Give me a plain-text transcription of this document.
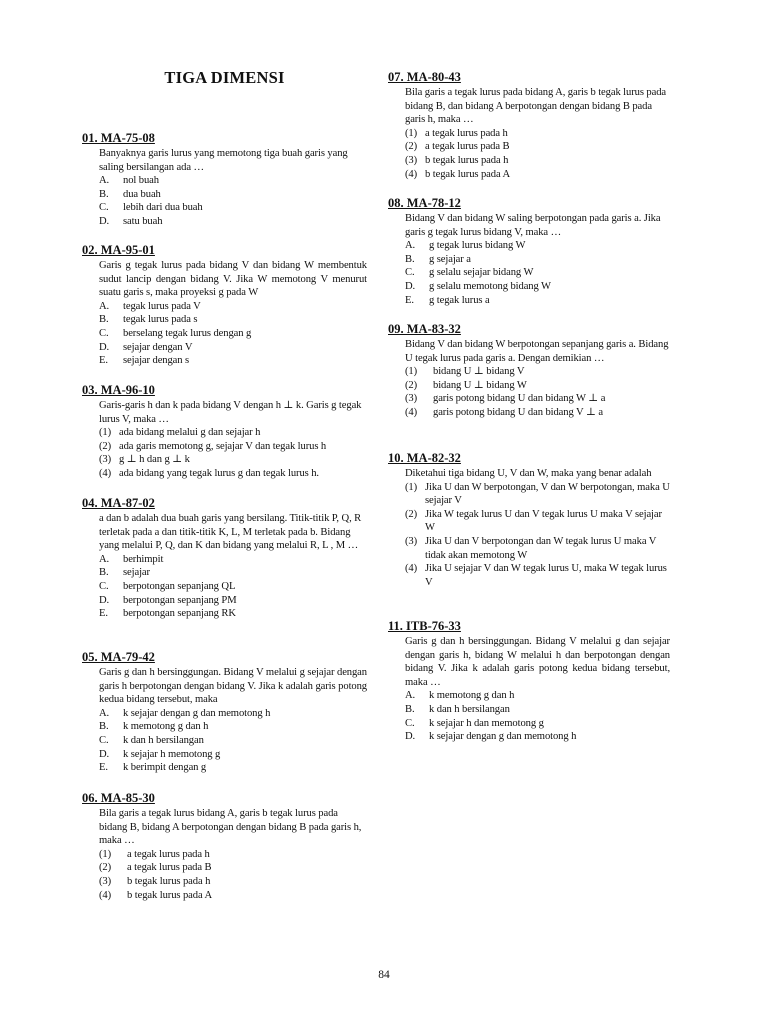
TIGA DIMENSI
01. MA-75-08
Banyaknya garis lurus yang memotong tiga buah garis yang saling bersilangan ada …
A.	nol buah
B.	dua buah
C.	lebih dari dua buah
D.	satu buah
02. MA-95-01
Garis g tegak lurus pada bidang V dan bidang W membentuk sudut lancip dengan bidang V. Jika W memotong V menurut suatu garis s, maka proyeksi g pada W
A.	tegak lurus pada V
B.	tegak lurus pada s
C.	berselang tegak lurus dengan g
D.	sejajar dengan V
E.	sejajar dengan s
03. MA-96-10
Garis-garis h dan k pada bidang V dengan h ⊥ k. Garis g tegak lurus V, maka …
(1) ada bidang melalui g dan sejajar h
(2) ada garis memotong g, sejajar V dan tegak lurus h
(3) g ⊥ h dan g ⊥ k
(4) ada bidang yang tegak lurus g dan tegak lurus h.
04. MA-87-02
a dan b adalah dua buah garis yang bersilang. Titik-titik P, Q, R terletak pada a dan titik-titik K, L, M terletak pada b. Bidang yang melalui P, Q, dan K dan bidang yang melalui R, L , M …
A.	berhimpit
B.	sejajar
C.	berpotongan sepanjang QL
D.	berpotongan sepanjang PM
E.	berpotongan sepanjang RK
05. MA-79-42
Garis g dan h bersinggungan. Bidang V melalui g sejajar dengan garis h berpotongan dengan bidang V. Jika k adalah garis potong kedua bidang tersebut, maka
A.	k sejajar dengan g dan memotong h
B.	k memotong g dan h
C.	k dan h bersilangan
D.	k sejajar h memotong g
E.	k berimpit dengan g
06. MA-85-30
Bila garis a tegak lurus bidang A, garis b tegak lurus pada bidang B, bidang A berpotongan dengan bidang B pada garis h, maka …
(1)	a tegak lurus pada h
(2)	a tegak lurus pada B
(3)	b tegak lurus pada h
(4)	b tegak lurus pada A
07. MA-80-43
Bila garis a tegak lurus pada bidang A, garis b tegak lurus pada bidang B, dan bidang A berpotongan dengan bidang B pada garis h, maka …
(1) a tegak lurus pada h
(2) a tegak lurus pada B
(3) b tegak lurus pada h
(4) b tegak lurus pada A
08. MA-78-12
Bidang V dan bidang W saling berpotongan pada garis a. Jika garis g tegak lurus bidang V, maka …
A.	g tegak lurus bidang W
B.	g sejajar a
C.	g selalu sejajar bidang W
D.	g selalu memotong bidang W
E.	g tegak lurus a
09. MA-83-32
Bidang V dan bidang W berpotongan sepanjang garis a. Bidang U tegak lurus pada garis a. Dengan demikian …
(1)	bidang U ⊥ bidang V
(2)	bidang U ⊥ bidang W
(3)	garis potong bidang U dan bidang W ⊥ a
(4)	garis potong bidang U dan bidang V ⊥ a
10. MA-82-32
Diketahui tiga bidang U, V dan W, maka yang benar adalah
(1) Jika U dan W berpotongan, V dan W berpotongan, maka U sejajar V
(2) Jika W tegak lurus U dan V tegak lurus U maka V sejajar W
(3) Jika U dan V berpotongan dan W tegak lurus U maka V tidak akan memotong W
(4) Jika U sejajar V dan W tegak lurus U, maka W tegak lurus V
11. ITB-76-33
Garis g dan h bersinggungan. Bidang V melalui g dan sejajar dengan garis h, bidang W melalui h dan berpotongan dengan bidang V. Jika k adalah garis potong kedua bidang tersebut, maka …
A.	k memotong g dan h
B.	k dan h bersilangan
C.	k sejajar h dan memotong g
D.	k sejajar dengan g dan memotong h
84
